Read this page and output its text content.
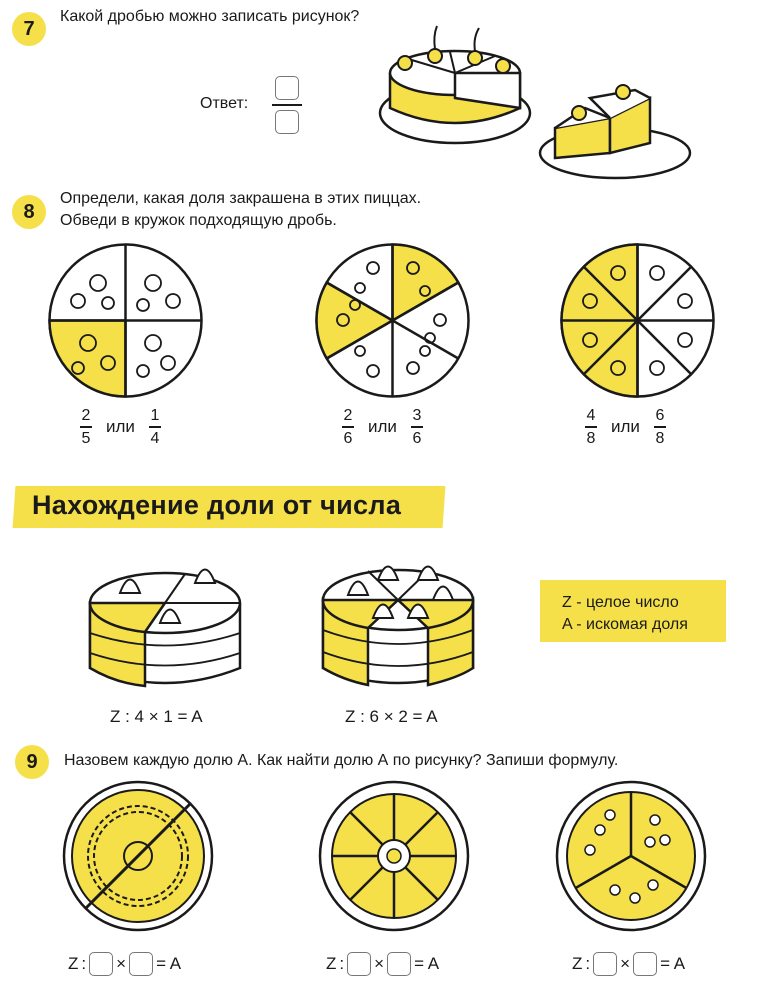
7
Какой дробью можно записать рисунок?
Ответ:
8
Определи, какая доля закрашена в этих пиццах.
Обведи в кружок подходящую дробь.
$\frac{2}{5}$ или $\frac{1}{4}$	$\frac{2}{6}$ или $\frac{3}{6}$	$\frac{4}{8}$ или $\frac{6}{8}$
Нахождение доли от числа
Z : 4 × 1 = A	Z : 6 × 2 = A
Z - целое число
A - искомая доля
9 Назовем каждую долю А. Как найти долю А по рисунку? Запиши формулу.
Z : × = A	Z : × = A	Z : × = A
